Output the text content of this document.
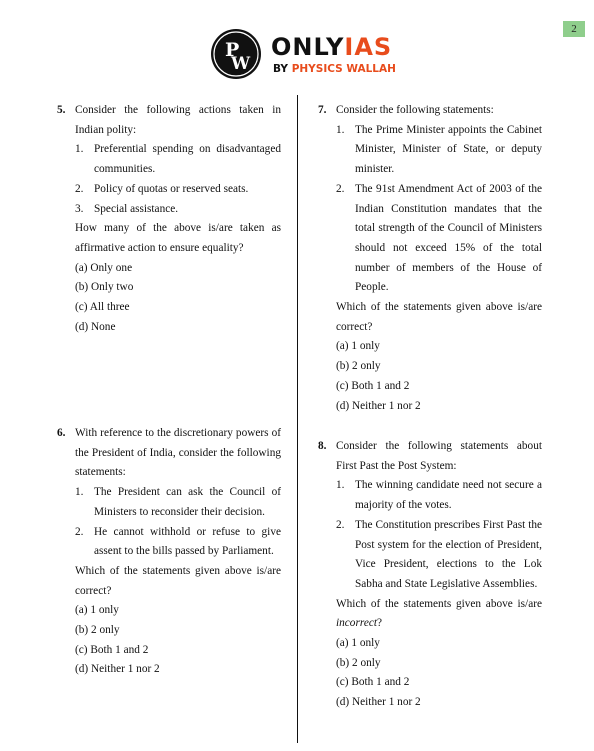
2
P
W
ONLYIAS
BY PHYSICS WALLAH
5. Consider the following actions taken in Indian polity:
1. Preferential spending on disadvantaged communities.
2. Policy of quotas or reserved seats.
3. Special assistance.
How many of the above is/are taken as affirmative action to ensure equality?
(a) Only one
(b) Only two
(c) All three
(d) None
6. With reference to the discretionary powers of the President of India, consider the following statements:
1. The President can ask the Council of Ministers to reconsider their decision.
2. He cannot withhold or refuse to give assent to the bills passed by Parliament.
Which of the statements given above is/are correct?
(a) 1 only
(b) 2 only
(c) Both 1 and 2
(d) Neither 1 nor 2
7. Consider the following statements:
1. The Prime Minister appoints the Cabinet Minister, Minister of State, or deputy minister.
2. The 91st Amendment Act of 2003 of the Indian Constitution mandates that the total strength of the Council of Ministers should not exceed 15% of the total number of members of the House of People.
Which of the statements given above is/are correct?
(a) 1 only
(b) 2 only
(c) Both 1 and 2
(d) Neither 1 nor 2
8. Consider the following statements about First Past the Post System:
1. The winning candidate need not secure a majority of the votes.
2. The Constitution prescribes First Past the Post system for the election of President, Vice President, elections to the Lok Sabha and State Legislative Assemblies.
Which of the statements given above is/are incorrect?
(a) 1 only
(b) 2 only
(c) Both 1 and 2
(d) Neither 1 nor 2
